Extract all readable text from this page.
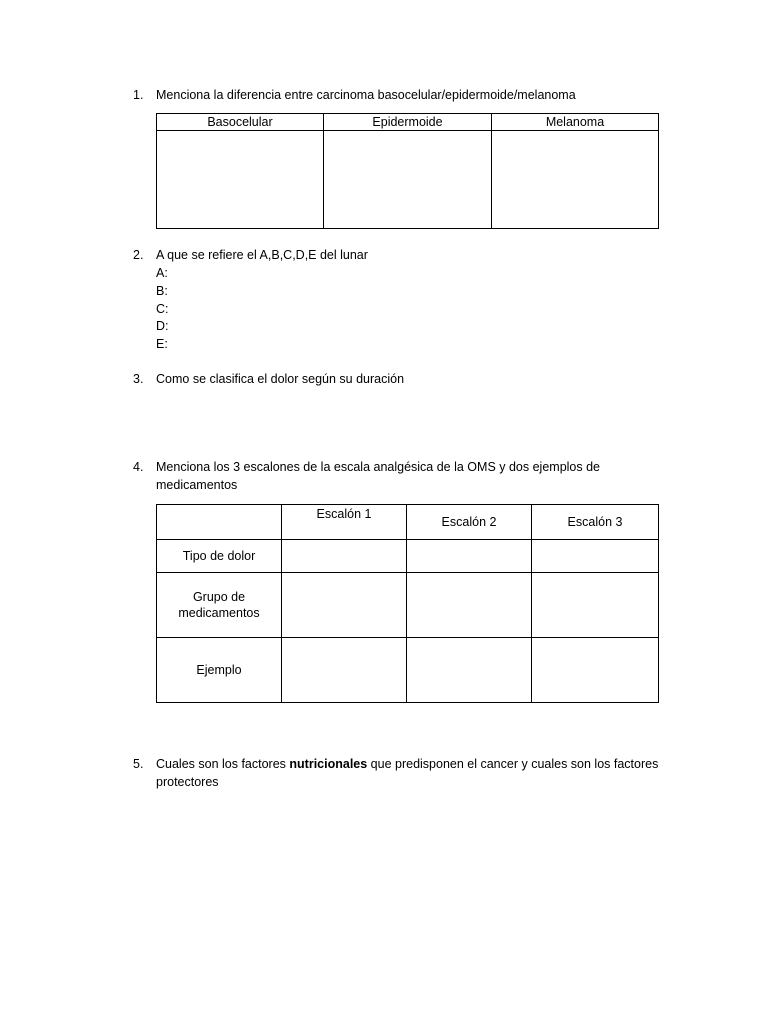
1. Menciona la diferencia entre carcinoma basocelular/epidermoide/melanoma
Basocelular	Epidermoide	Melanoma

2. A que se refiere el A,B,C,D,E del lunar
A:
B:
C:
D:
E:
3. Como se clasifica el dolor según su duración
4. Menciona los 3 escalones de la escala analgésica de la OMS y dos ejemplos de medicamentos
	Escalón 1	Escalón 2	Escalón 3
Tipo de dolor			
Grupo de medicamentos			
Ejemplo			
5. Cuales son los factores nutricionales que predisponen el cancer y cuales son los factores protectores
